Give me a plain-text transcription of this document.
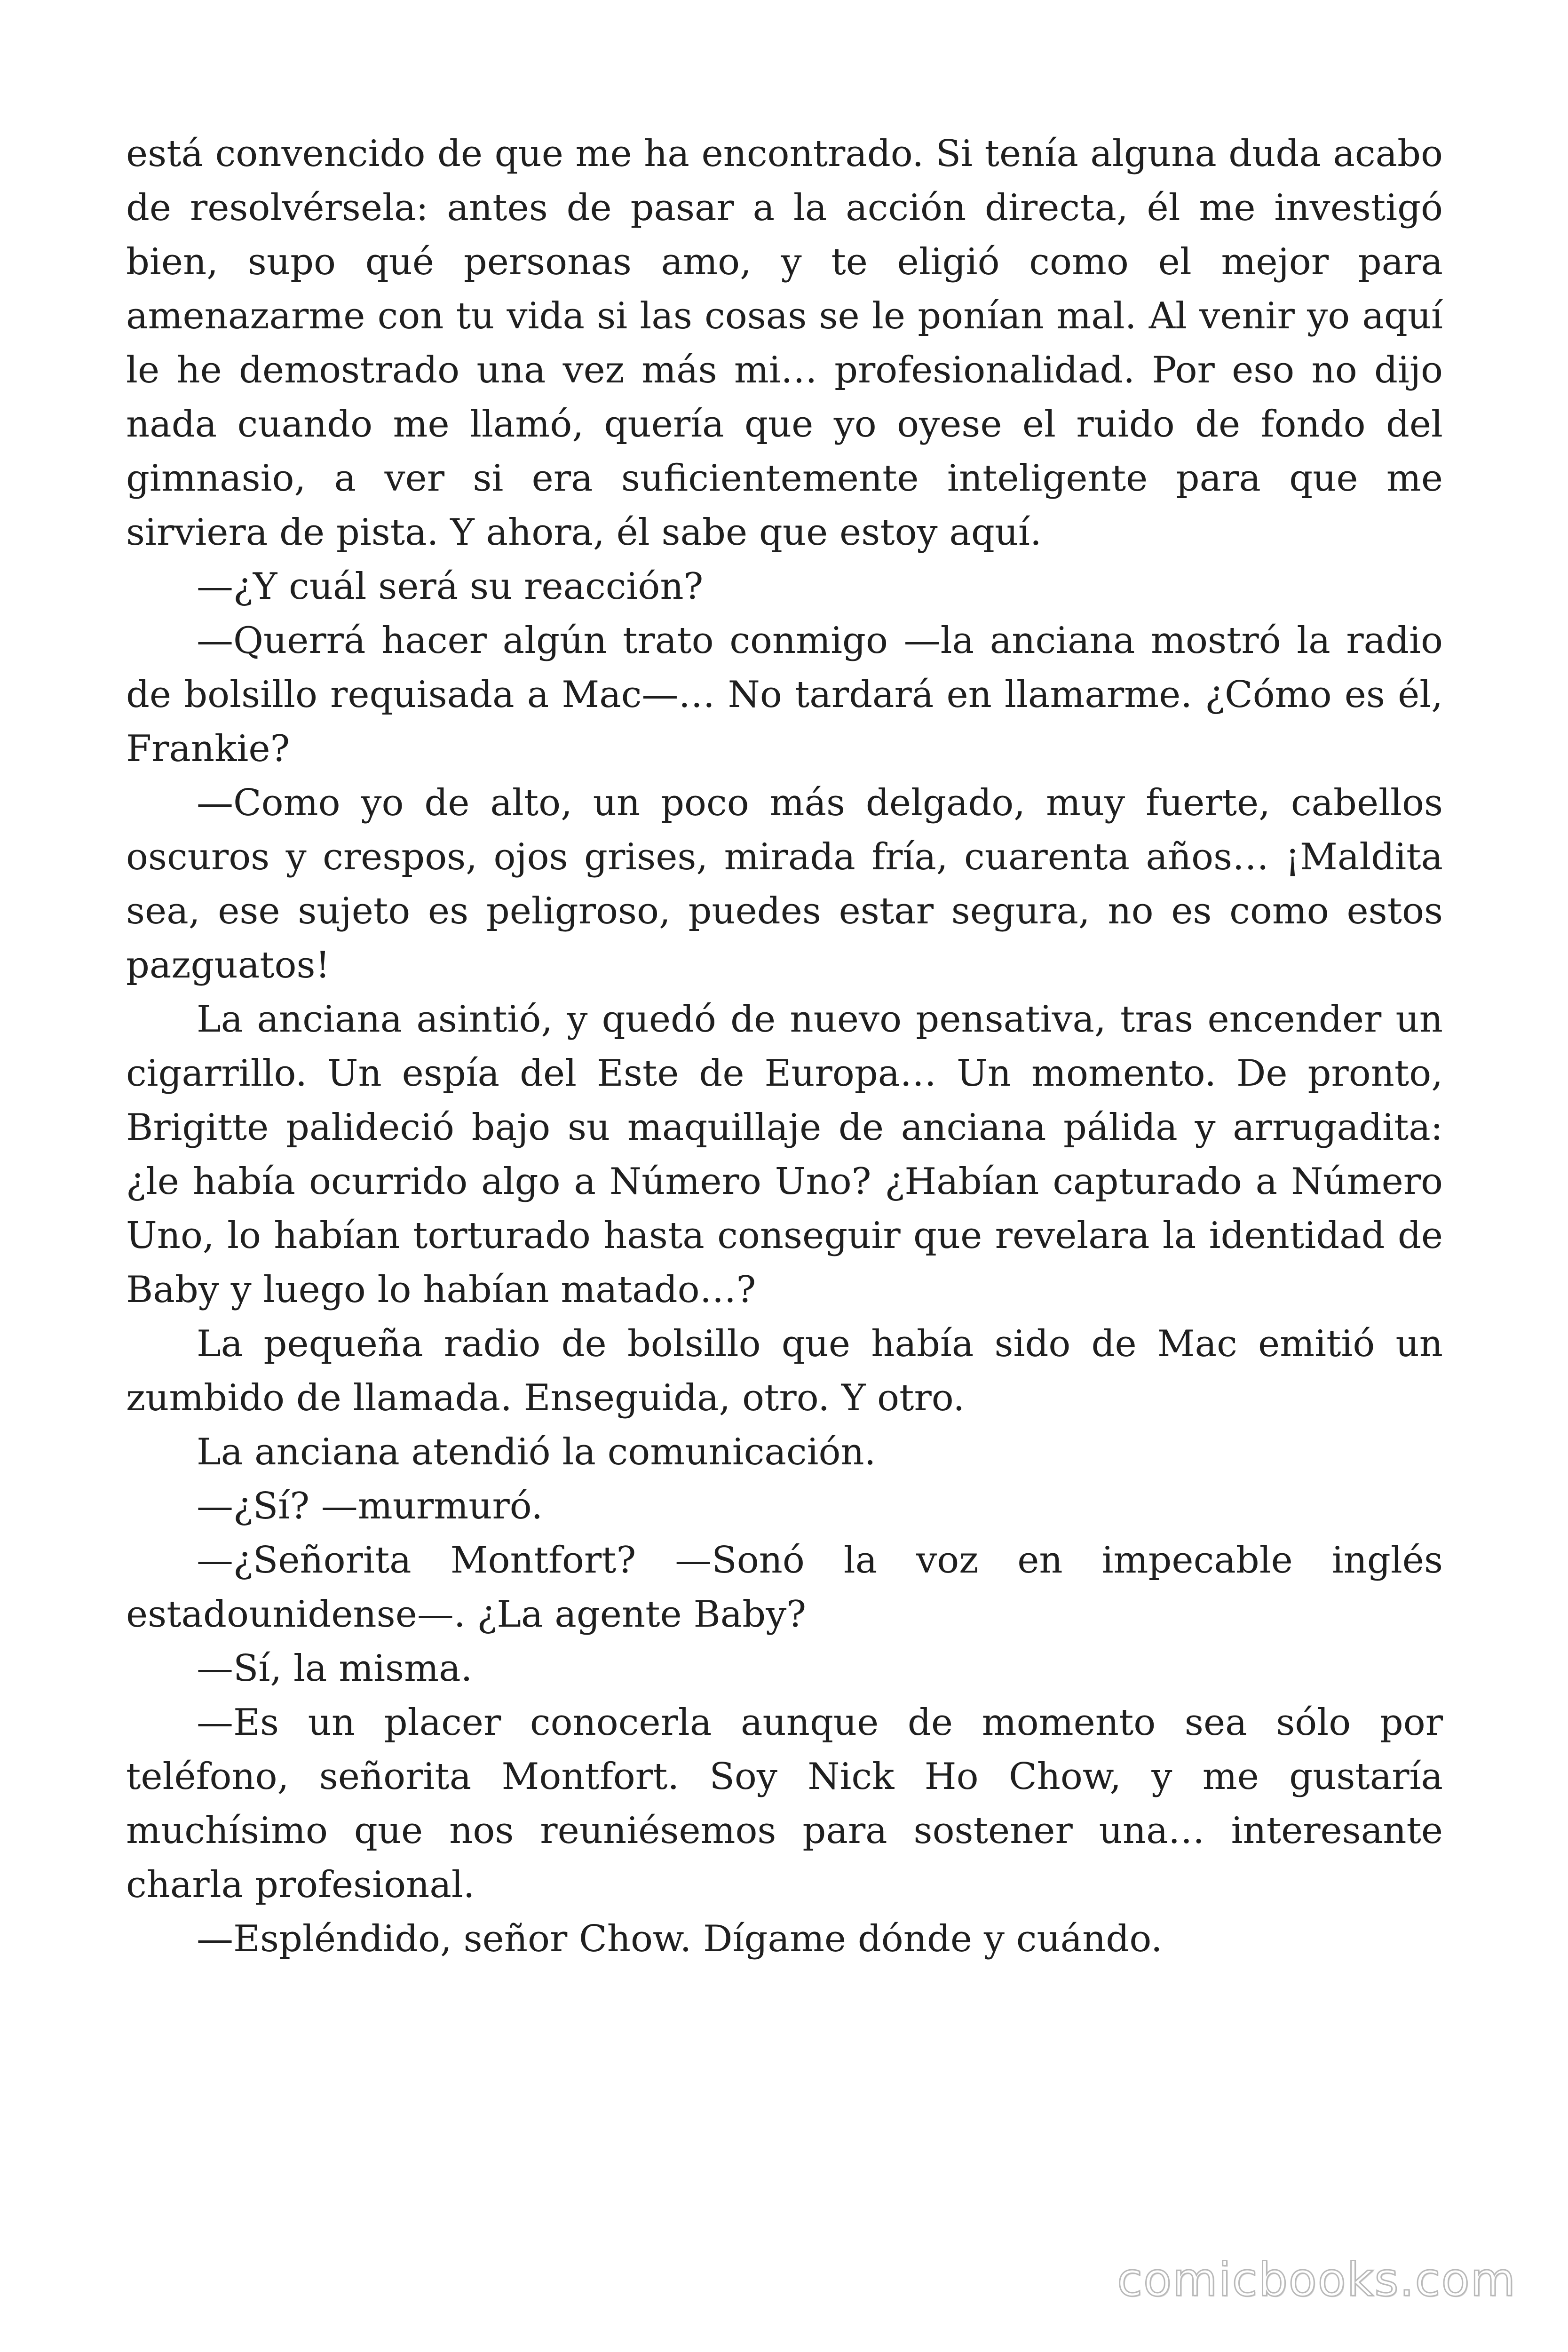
está convencido de que me ha encontrado. Si tenía alguna duda acabo de resolvérsela: antes de pasar a la acción directa, él me investigó bien, supo qué personas amo, y te eligió como el mejor para amenazarme con tu vida si las cosas se le ponían mal. Al venir yo aquí le he demostrado una vez más mi… profesionalidad. Por eso no dijo nada cuando me llamó, quería que yo oyese el ruido de fondo del gimnasio, a ver si era suficientemente inteligente para que me sirviera de pista. Y ahora, él sabe que estoy aquí.

—¿Y cuál será su reacción?

—Querrá hacer algún trato conmigo —la anciana mostró la radio de bolsillo requisada a Mac—… No tardará en llamarme. ¿Cómo es él, Frankie?

—Como yo de alto, un poco más delgado, muy fuerte, cabellos oscuros y crespos, ojos grises, mirada fría, cuarenta años… ¡Maldita sea, ese sujeto es peligroso, puedes estar segura, no es como estos pazguatos!

La anciana asintió, y quedó de nuevo pensativa, tras encender un cigarrillo. Un espía del Este de Europa… Un momento. De pronto, Brigitte palideció bajo su maquillaje de anciana pálida y arrugadita: ¿le había ocurrido algo a Número Uno? ¿Habían capturado a Número Uno, lo habían torturado hasta conseguir que revelara la identidad de Baby y luego lo habían matado…?

La pequeña radio de bolsillo que había sido de Mac emitió un zumbido de llamada. Enseguida, otro. Y otro.

La anciana atendió la comunicación.

—¿Sí? —murmuró.

—¿Señorita Montfort? —Sonó la voz en impecable inglés estadounidense—. ¿La agente Baby?

—Sí, la misma.

—Es un placer conocerla aunque de momento sea sólo por teléfono, señorita Montfort. Soy Nick Ho Chow, y me gustaría muchísimo que nos reuniésemos para sostener una… interesante charla profesional.

—Espléndido, señor Chow. Dígame dónde y cuándo.

comicbooks.com
